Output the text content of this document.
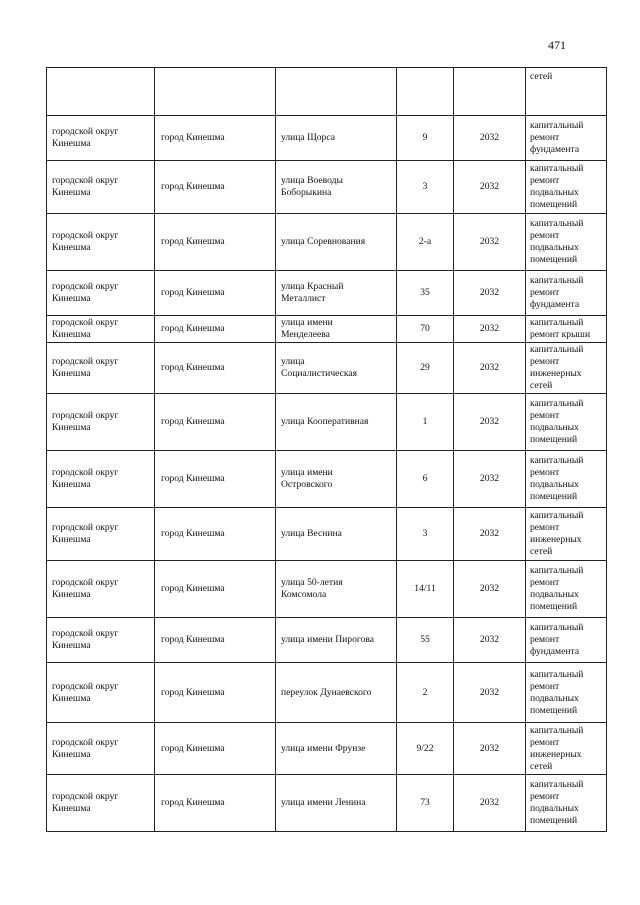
471

					сетей

городской округ
Кинешма	город Кинешма	улица Щорса	9	2032	капитальный
ремонт
фундамента

городской округ
Кинешма	город Кинешма	улица Воеводы
Боборыкина	3	2032	капитальный
ремонт
подвальных
помещений

городской округ
Кинешма	город Кинешма	улица Соревнования	2-а	2032	капитальный
ремонт
подвальных
помещений

городской округ
Кинешма	город Кинешма	улица Красный
Металлист	35	2032	капитальный
ремонт
фундамента

городской округ
Кинешма	город Кинешма	улица имени
Менделеева	70	2032	капитальный
ремонт крыши

городской округ
Кинешма	город Кинешма	улица
Социалистическая	29	2032	капитальный
ремонт
инженерных
сетей

городской округ
Кинешма	город Кинешма	улица Кооперативная	1	2032	капитальный
ремонт
подвальных
помещений

городской округ
Кинешма	город Кинешма	улица имени
Островского	6	2032	капитальный
ремонт
подвальных
помещений

городской округ
Кинешма	город Кинешма	улица Веснина	3	2032	капитальный
ремонт
инженерных
сетей

городской округ
Кинешма	город Кинешма	улица 50-летия
Комсомола	14/11	2032	капитальный
ремонт
подвальных
помещений

городской округ
Кинешма	город Кинешма	улица имени Пирогова	55	2032	капитальный
ремонт
фундамента

городской округ
Кинешма	город Кинешма	переулок Дунаевского	2	2032	капитальный
ремонт
подвальных
помещений

городской округ
Кинешма	город Кинешма	улица имени Фрунзе	9/22	2032	капитальный
ремонт
инженерных
сетей

городской округ
Кинешма	город Кинешма	улица имени Ленина	73	2032	капитальный
ремонт
подвальных
помещений
